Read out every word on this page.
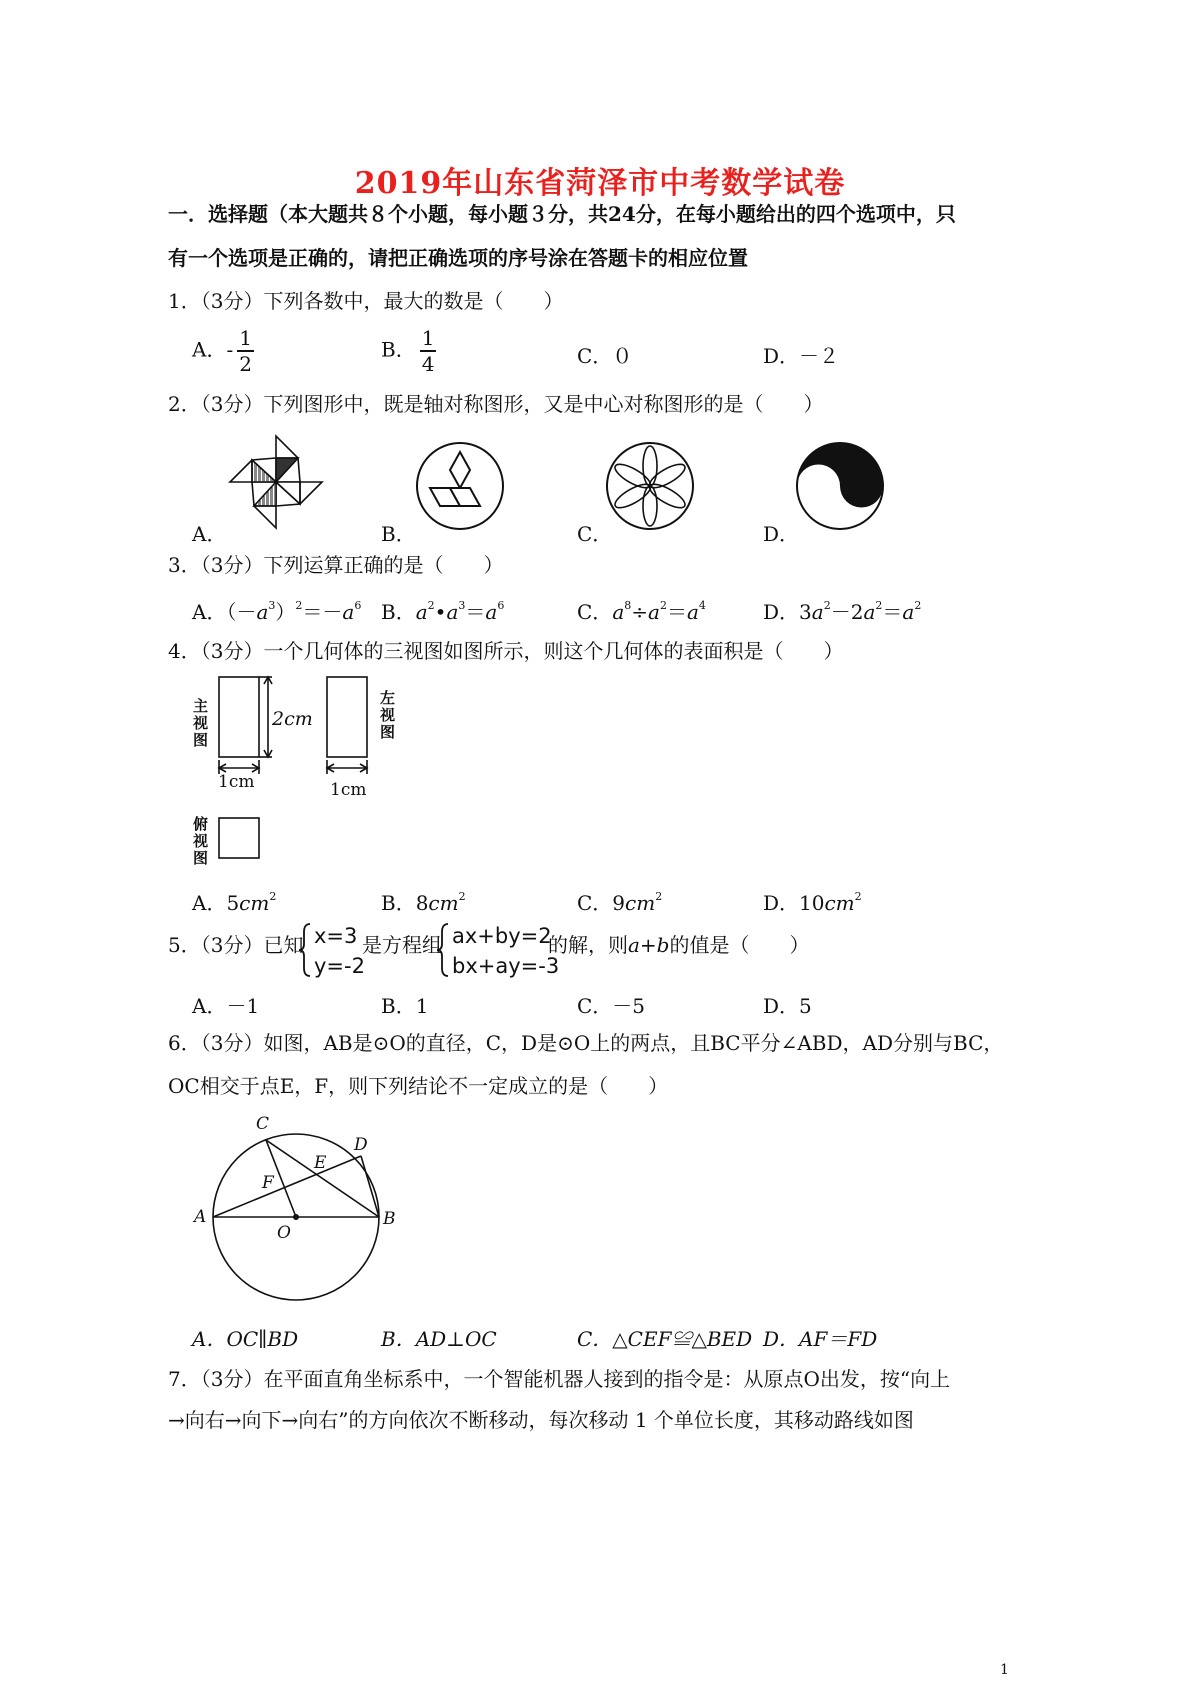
2019年山东省菏泽市中考数学试卷
一．选择题（本大题共８个小题，每小题３分，共24分，在每小题给出的四个选项中，只
有一个选项是正确的，请把正确选项的序号涂在答题卡的相应位置
1．（3分）下列各数中，最大的数是（　　）
A．- $\frac{1}{2}$	B． $\frac{1}{4}$	C．０	D．－２
2．（3分）下列图形中，既是轴对称图形，又是中心对称图形的是（　　）
A．	B．	C．	D．
3．（3分）下列运算正确的是（　　）
A．$(-a^3)^2=-a^6$ B．$a^2•a^3=a^6$	C．$a^8\div a^2=a^4$	D．$3a^2-2a^2=a^2$
4．（3分）一个几何体的三视图如图所示，则这个几何体的表面积是（　　）
主视图
左视图
俯视图
2cm
1cm	1cm
A．$5cm^2$	B．$8cm^2$	C．$9cm^2$	D．$10cm^2$
5．（3分）已知 x=3
y=-2
是方程组 ax+by=2
bx+ay=-3
的解，则a+b的值是（　　）
A．－1	B．1	C．－5	D．5
6．（3分）如图，AB是⊙O的直径，C，D是⊙O上的两点，且BC平分∠ABD，AD分别与BC，
OC相交于点E，F，则下列结论不一定成立的是（　　）
A	B
C
D
E
F
O
A．OC∥BD	B．AD⊥OC	C．△CEF≌△BED D．AF＝FD
7．（3分）在平面直角坐标系中，一个智能机器人接到的指令是：从原点O出发，按“向上
→向右→向下→向右”的方向依次不断移动，每次移动 1 个单位长度，其移动路线如图
1
